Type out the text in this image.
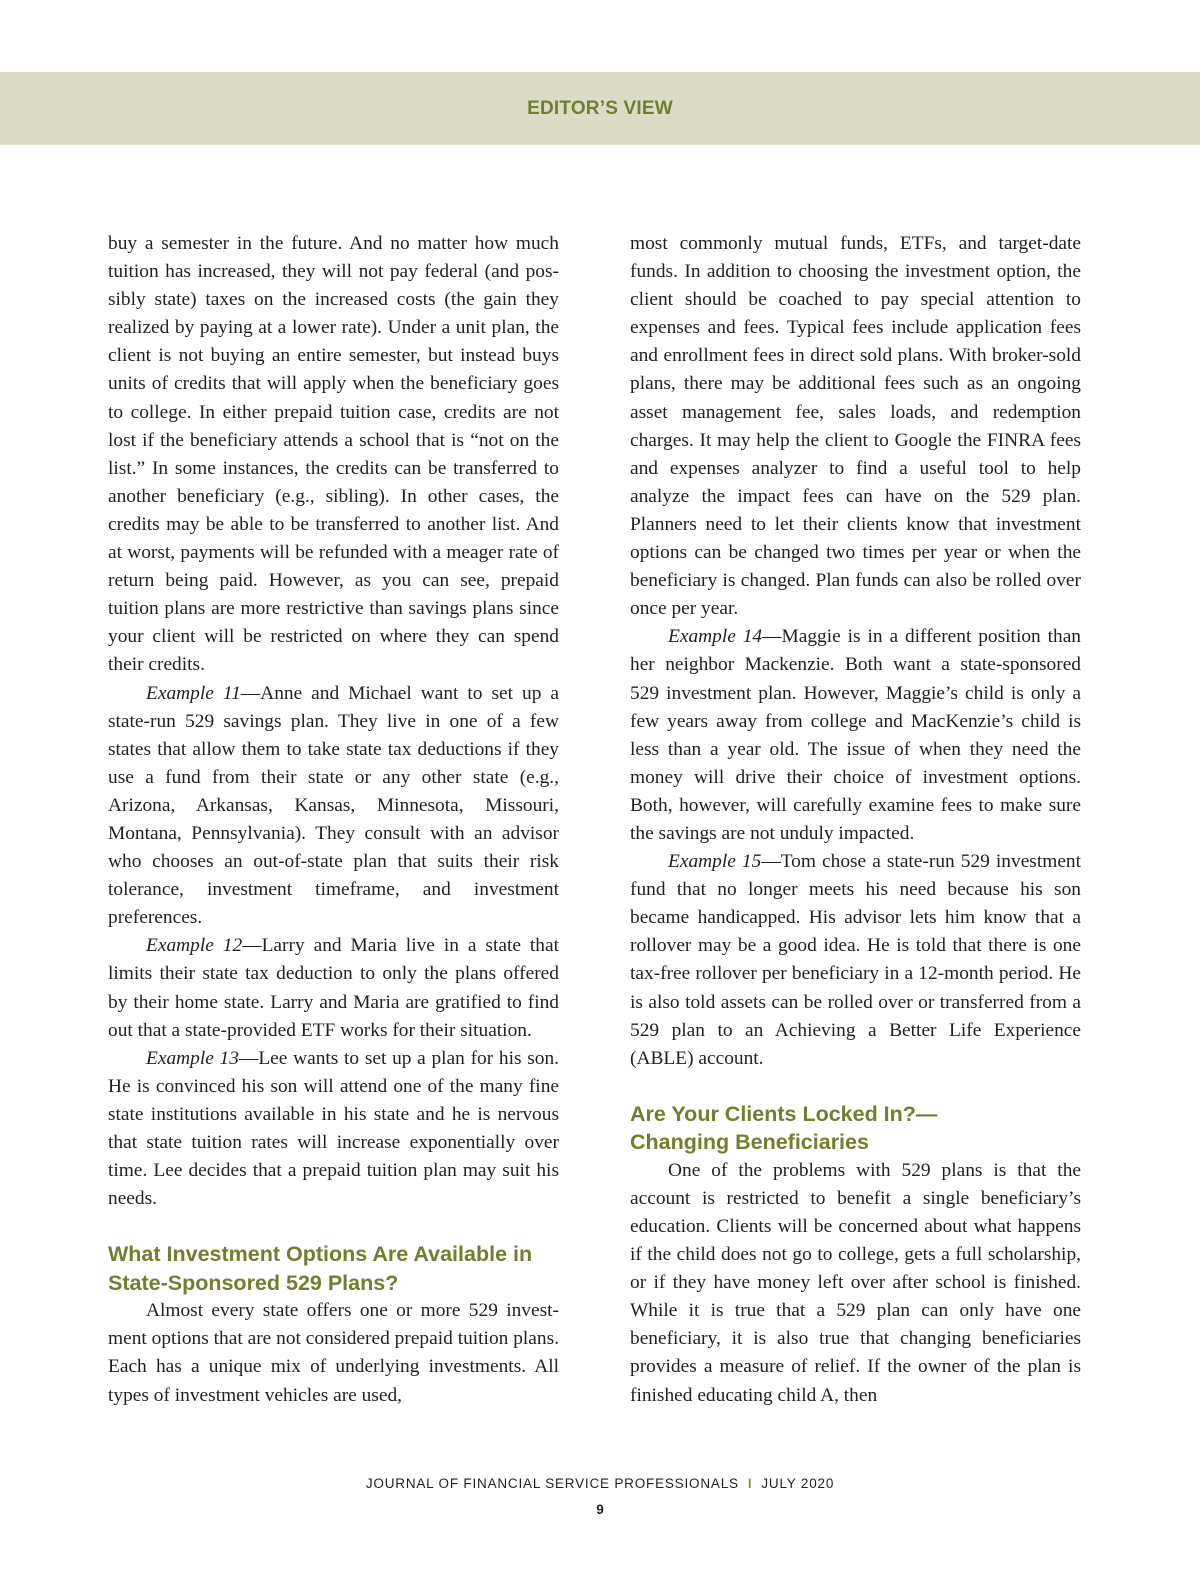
EDITOR’S VIEW

buy a semester in the future. And no matter how much tuition has increased, they will not pay federal (and possibly state) taxes on the increased costs (the gain they realized by paying at a lower rate). Under a unit plan, the client is not buying an entire semester, but instead buys units of credits that will apply when the beneficiary goes to college. In either prepaid tuition case, credits are not lost if the beneficiary attends a school that is “not on the list.” In some instances, the credits can be transferred to another beneficiary (e.g., sibling). In other cases, the credits may be able to be transferred to another list. And at worst, payments will be refunded with a meager rate of return being paid. However, as you can see, prepaid tuition plans are more restrictive than savings plans since your client will be restricted on where they can spend their credits.

Example 11—Anne and Michael want to set up a state-run 529 savings plan. They live in one of a few states that allow them to take state tax deductions if they use a fund from their state or any other state (e.g., Arizona, Arkansas, Kansas, Minnesota, Missouri, Montana, Pennsylvania). They consult with an advisor who chooses an out-of-state plan that suits their risk tolerance, investment timeframe, and investment preferences.

Example 12—Larry and Maria live in a state that limits their state tax deduction to only the plans offered by their home state. Larry and Maria are gratified to find out that a state-provided ETF works for their situation.

Example 13—Lee wants to set up a plan for his son. He is convinced his son will attend one of the many fine state institutions available in his state and he is nervous that state tuition rates will increase exponentially over time. Lee decides that a prepaid tuition plan may suit his needs.

What Investment Options Are Available in State-Sponsored 529 Plans?

Almost every state offers one or more 529 investment options that are not considered prepaid tuition plans. Each has a unique mix of underlying investments. All types of investment vehicles are used,

most commonly mutual funds, ETFs, and target-date funds. In addition to choosing the investment option, the client should be coached to pay special attention to expenses and fees. Typical fees include application fees and enrollment fees in direct sold plans. With broker-sold plans, there may be additional fees such as an ongoing asset management fee, sales loads, and redemption charges. It may help the client to Google the FINRA fees and expenses analyzer to find a useful tool to help analyze the impact fees can have on the 529 plan. Planners need to let their clients know that investment options can be changed two times per year or when the beneficiary is changed. Plan funds can also be rolled over once per year.

Example 14—Maggie is in a different position than her neighbor Mackenzie. Both want a state-sponsored 529 investment plan. However, Maggie’s child is only a few years away from college and MacKenzie’s child is less than a year old. The issue of when they need the money will drive their choice of investment options. Both, however, will carefully examine fees to make sure the savings are not unduly impacted.

Example 15—Tom chose a state-run 529 investment fund that no longer meets his need because his son became handicapped. His advisor lets him know that a rollover may be a good idea. He is told that there is one tax-free rollover per beneficiary in a 12-month period. He is also told assets can be rolled over or transferred from a 529 plan to an Achieving a Better Life Experience (ABLE) account.

Are Your Clients Locked In?—
Changing Beneficiaries

One of the problems with 529 plans is that the account is restricted to benefit a single beneficiary’s education. Clients will be concerned about what happens if the child does not go to college, gets a full scholarship, or if they have money left over after school is finished. While it is true that a 529 plan can only have one beneficiary, it is also true that changing beneficiaries provides a measure of relief. If the owner of the plan is finished educating child A, then

JOURNAL OF FINANCIAL SERVICE PROFESSIONALS I JULY 2020
9
